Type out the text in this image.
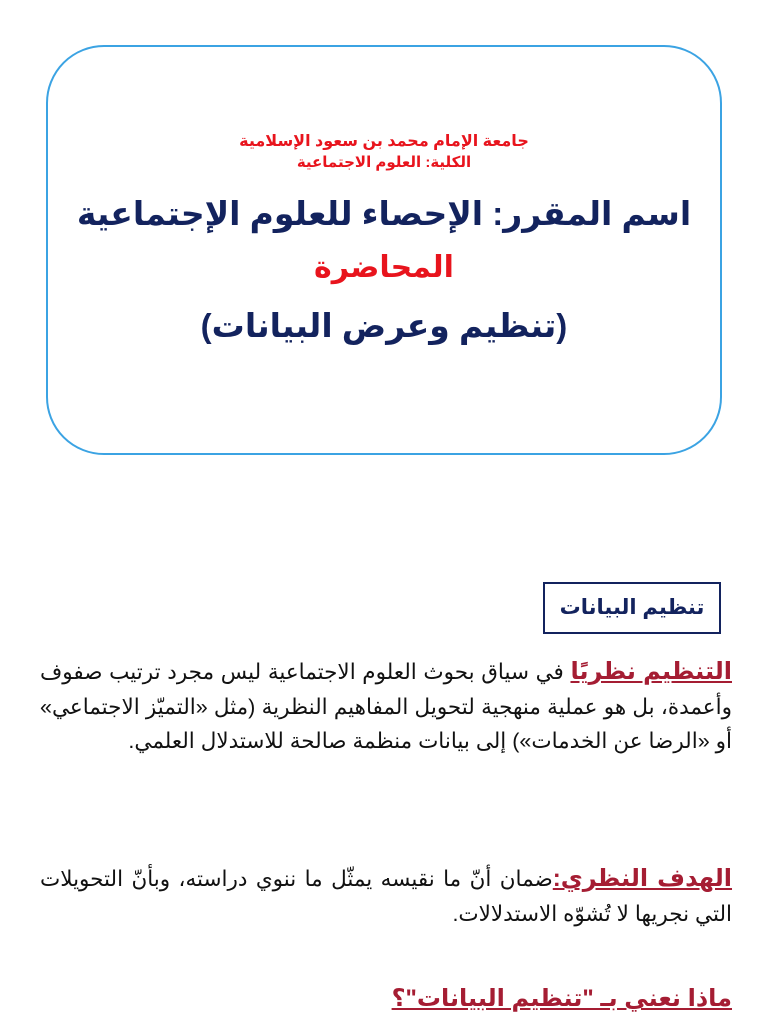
جامعة الإمام محمد بن سعود الإسلامية
الكلية: العلوم الاجتماعية
اسم المقرر: الإحصاء للعلوم الإجتماعية
المحاضرة
(تنظيم وعرض البيانات)
تنظيم البيانات
التنظيم نظريًا في سياق بحوث العلوم الاجتماعية ليس مجرد ترتيب صفوف وأعمدة، بل هو عملية منهجية لتحويل المفاهيم النظرية (مثل «التميّز الاجتماعي» أو «الرضا عن الخدمات») إلى بيانات منظمة صالحة للاستدلال العلمي.
الهدف النظري:ضمان أنّ ما نقيسه يمثّل ما ننوي دراسته، وبأنّ التحويلات التي نجريها لا تُشوّه الاستدلالات.
ماذا نعني بـ "تنظيم البيانات"؟
